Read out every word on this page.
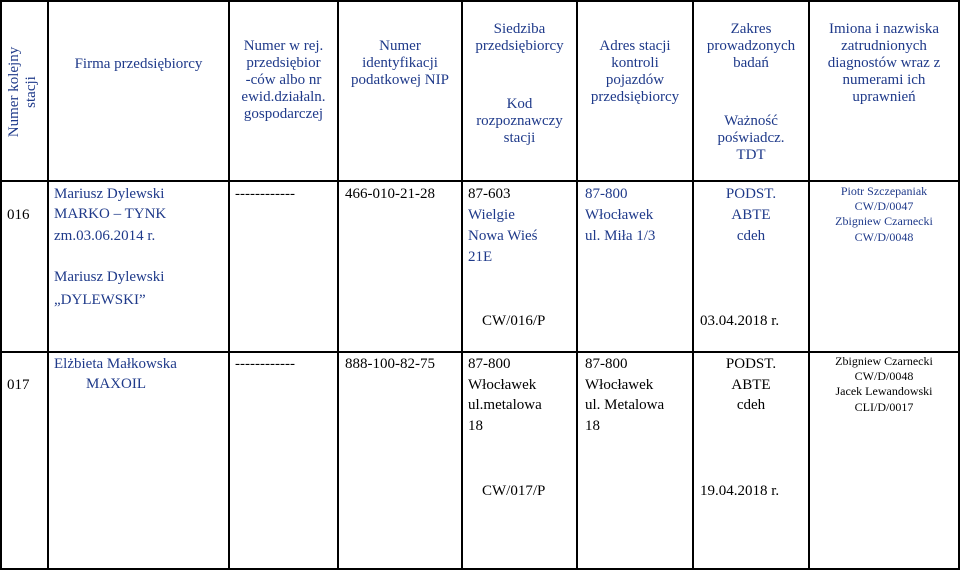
Numer kolejny stacji
Firma przedsiębiorcy
Numer w rej.
przedsiębior
-ców albo nr
ewid.działaln.
gospodarczej
Numer
identyfikacji
podatkowej NIP
Siedziba
przedsiębiorcy
Kod
rozpoznawczy
stacji
Adres stacji
kontroli
pojazdów
przedsiębiorcy
Zakres
prowadzonych
badań
Ważność
poświadcz.
TDT
Imiona i nazwiska
zatrudnionych
diagnostów wraz z
numerami ich
uprawnień
016
Mariusz Dylewski
MARKO – TYNK
zm.03.06.2014 r.
Mariusz Dylewski
„DYLEWSKI”
------------	466-010-21-28 87-603
Wielgie
Nowa Wieś
21E
CW/016/P
87-800
Włocławek
ul. Miła 1/3
PODST.
ABTE
cdeh
03.04.2018 r.
Piotr Szczepaniak
CW/D/0047
Zbigniew Czarnecki
CW/D/0048
017
Elżbieta Małkowska
MAXOIL
------------	888-100-82-75 87-800
Włocławek
ul.metalowa
18
CW/017/P
87-800
Włocławek
ul. Metalowa
18
PODST.
ABTE
cdeh
19.04.2018 r.
Zbigniew Czarnecki
CW/D/0048
Jacek Lewandowski
CLI/D/0017
